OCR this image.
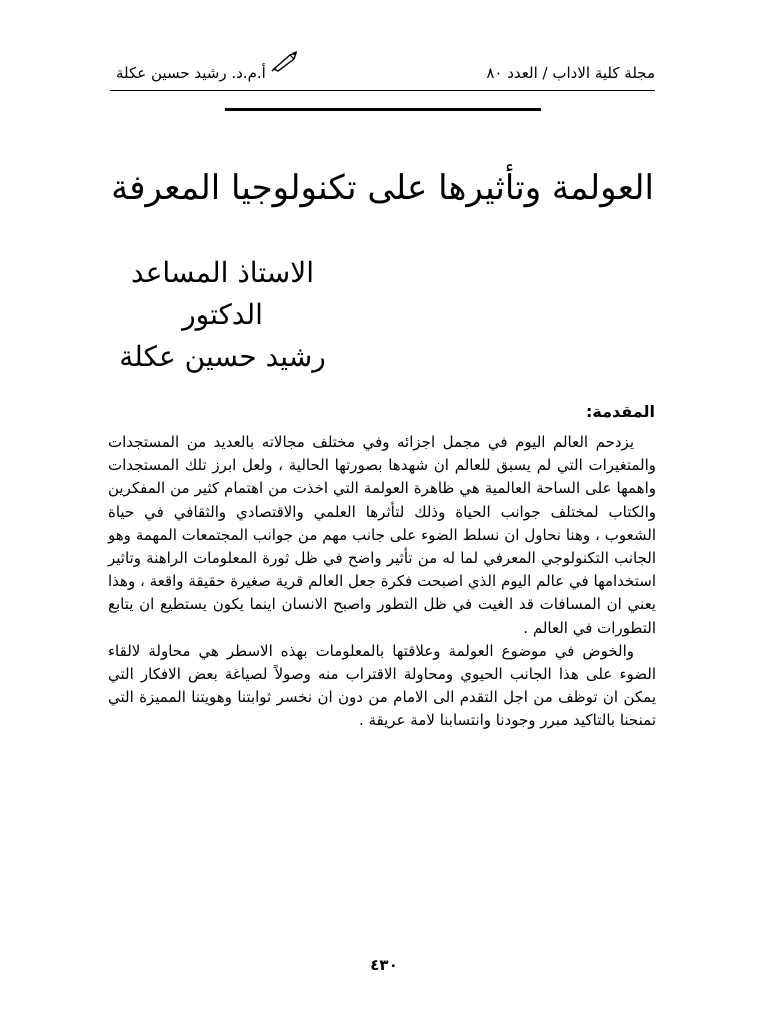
مجلة كلية الاداب / العدد ٨٠
أ.م.د. رشيد حسين عكلة
العولمة وتأثيرها على تكنولوجيا المعرفة
الاستاذ المساعد
الدكتور
رشيد حسين عكلة
المقدمة:

يزدحم العالم اليوم في مجمل اجزائه وفي مختلف مجالاته بالعديد من المستجدات والمتغيرات التي لم يسبق للعالم ان شهدها بصورتها الحالية ، ولعل ابرز تلك المستجدات واهمها على الساحة العالمية هي ظاهرة العولمة التي اخذت من اهتمام كثير من المفكرين والكتاب لمختلف جوانب الحياة وذلك لتأثرها العلمي والاقتصادي والثقافي في حياة الشعوب ، وهنا نحاول ان نسلط الضوء على جانب مهم من جوانب المجتمعات المهمة وهو الجانب التكنولوجي المعرفي لما له من تأثير واضح في ظل ثورة المعلومات الراهنة وتاثير استخدامها في عالم اليوم الذي اصبحت فكرة جعل العالم قرية صغيرة حقيقة واقعة ، وهذا يعني ان المسافات قد الغيت في ظل التطور واصبح الانسان اينما يكون يستطيع ان يتابع التطورات في العالم .

والخوض في موضوع العولمة وعلاقتها بالمعلومات بهذه الاسطر هي محاولة لالقاء الضوء على هذا الجانب الحيوي ومحاولة الاقتراب منه وصولاً لصياغة بعض الافكار التي يمكن ان توظف من اجل التقدم الى الامام من دون ان نخسر ثوابتنا وهويتنا المميزة التي تمنحنا بالتاكيد مبرر وجودنا وانتسابنا لامة عريقة .

٤٣٠
